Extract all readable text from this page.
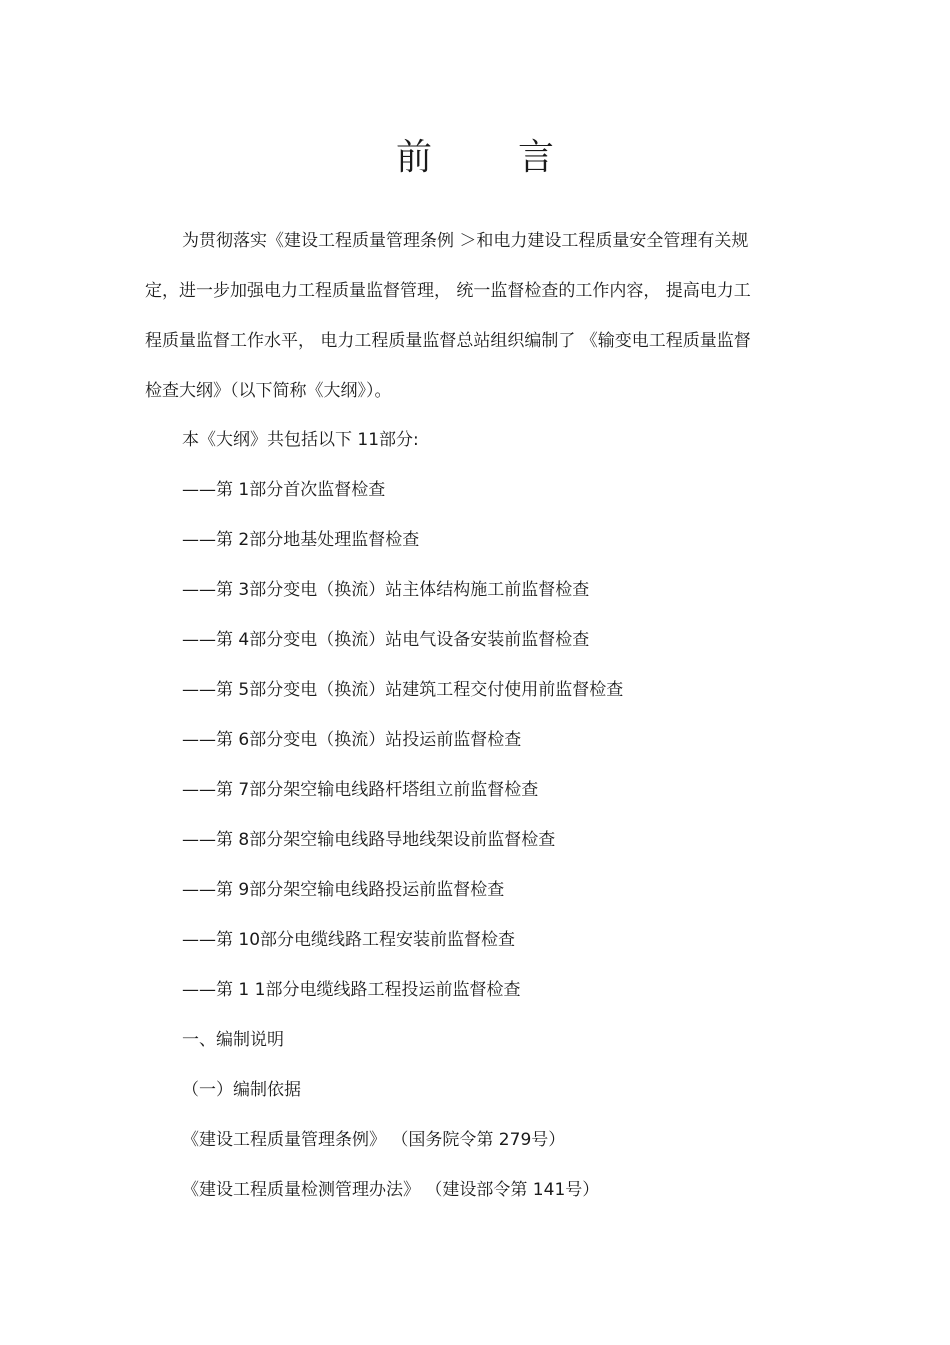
前 言
为贯彻落实《建设工程质量管理条例 ＞和电力建设工程质量安全管理有关规
定，进一步加强电力工程质量监督管理， 统一监督检查的工作内容， 提高电力工
程质量监督工作水平， 电力工程质量监督总站组织编制了 《输变电工程质量监督
检查大纲》（以下简称《大纲》）。
本《大纲》共包括以下 11部分:
——第 1部分首次监督检查
——第 2部分地基处理监督检查
——第 3部分变电（换流）站主体结构施工前监督检查
——第 4部分变电（换流）站电气设备安装前监督检查
——第 5部分变电（换流）站建筑工程交付使用前监督检查
——第 6部分变电（换流）站投运前监督检查
——第 7部分架空输电线路杆塔组立前监督检查
——第 8部分架空输电线路导地线架设前监督检查
——第 9部分架空输电线路投运前监督检查
——第 10部分电缆线路工程安装前监督检查
——第 1 1部分电缆线路工程投运前监督检查
一、编制说明
（一）编制依据
《建设工程质量管理条例》 （国务院令第 279号）
《建设工程质量检测管理办法》 （建设部令第 141号）
